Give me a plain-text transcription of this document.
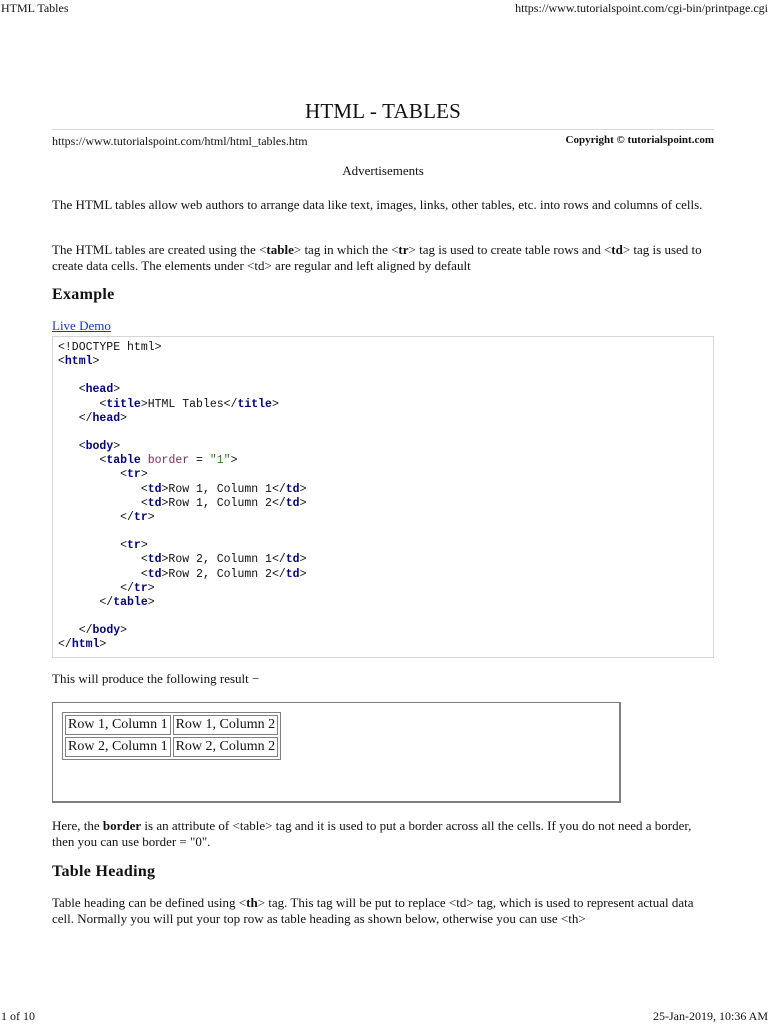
HTML Tables	https://www.tutorialspoint.com/cgi-bin/printpage.cgi
HTML - TABLES
https://www.tutorialspoint.com/html/html_tables.htm	Copyright © tutorialspoint.com
Advertisements

The HTML tables allow web authors to arrange data like text, images, links, other tables, etc. into rows and columns of cells.

The HTML tables are created using the <table> tag in which the <tr> tag is used to create table rows and <td> tag is used to create data cells. The elements under <td> are regular and left aligned by default

Example
Live Demo
<!DOCTYPE html>
<html>

<head>
<title>HTML Tables</title>
</head>

<body>
<table border = "1">
<tr>
<td>Row 1, Column 1</td>
<td>Row 1, Column 2</td>
</tr>

<tr>
<td>Row 2, Column 1</td>
<td>Row 2, Column 2</td>
</tr>
</table>

</body>
</html>

This will produce the following result −

Row 1, Column 1	Row 1, Column 2
Row 2, Column 1	Row 2, Column 2

Here, the border is an attribute of <table> tag and it is used to put a border across all the cells. If you do not need a border, then you can use border = "0".

Table Heading

Table heading can be defined using <th> tag. This tag will be put to replace <td> tag, which is used to represent actual data cell. Normally you will put your top row as table heading as shown below, otherwise you can use <th>

1 of 10	25-Jan-2019, 10:36 AM
